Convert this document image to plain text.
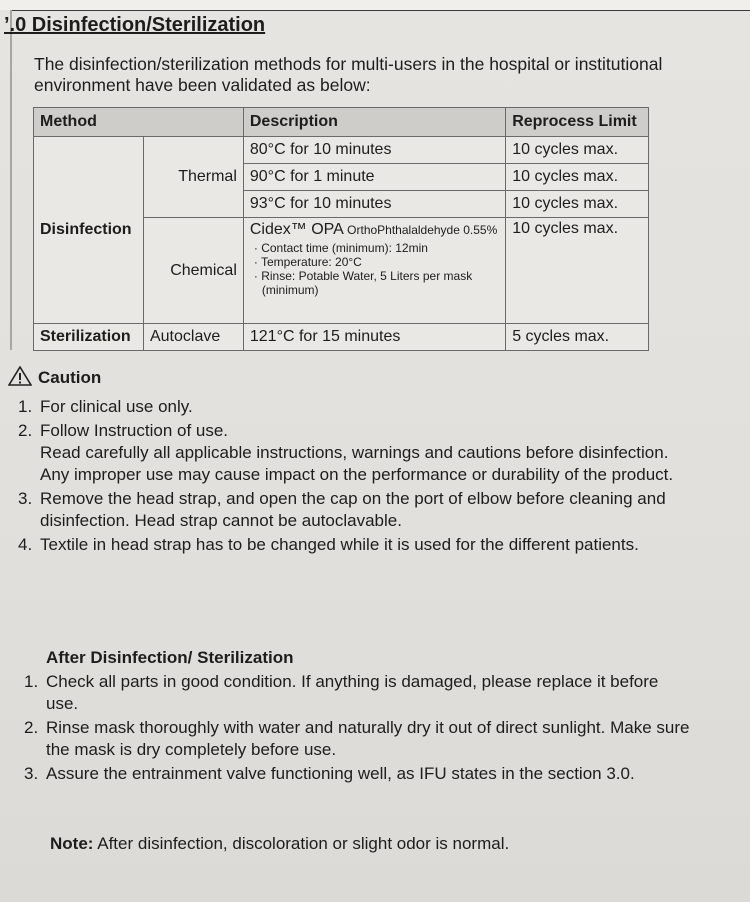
’.0 Disinfection/Sterilization
The disinfection/sterilization methods for multi-users in the hospital or institutional environment have been validated as below:
Method		Description	Reprocess Limit
Disinfection	Thermal	80°C for 10 minutes	10 cycles max.
		90°C for 1 minute	10 cycles max.
		93°C for 10 minutes	10 cycles max.
	Chemical	Cidex™ OPA OrthoPhthalaldehyde 0.55%
· Contact time (minimum): 12min
· Temperature: 20°C
· Rinse: Potable Water, 5 Liters per mask (minimum)	10 cycles max.
Sterilization	Autoclave	121°C for 15 minutes	5 cycles max.
Caution
1. For clinical use only.
2. Follow Instruction of use.
Read carefully all applicable instructions, warnings and cautions before disinfection. Any improper use may cause impact on the performance or durability of the product.
3. Remove the head strap, and open the cap on the port of elbow before cleaning and disinfection. Head strap cannot be autoclavable.
4. Textile in head strap has to be changed while it is used for the different patients.
After Disinfection/ Sterilization
1. Check all parts in good condition. If anything is damaged, please replace it before use.
2. Rinse mask thoroughly with water and naturally dry it out of direct sunlight. Make sure the mask is dry completely before use.
3. Assure the entrainment valve functioning well, as IFU states in the section 3.0.
Note: After disinfection, discoloration or slight odor is normal.
